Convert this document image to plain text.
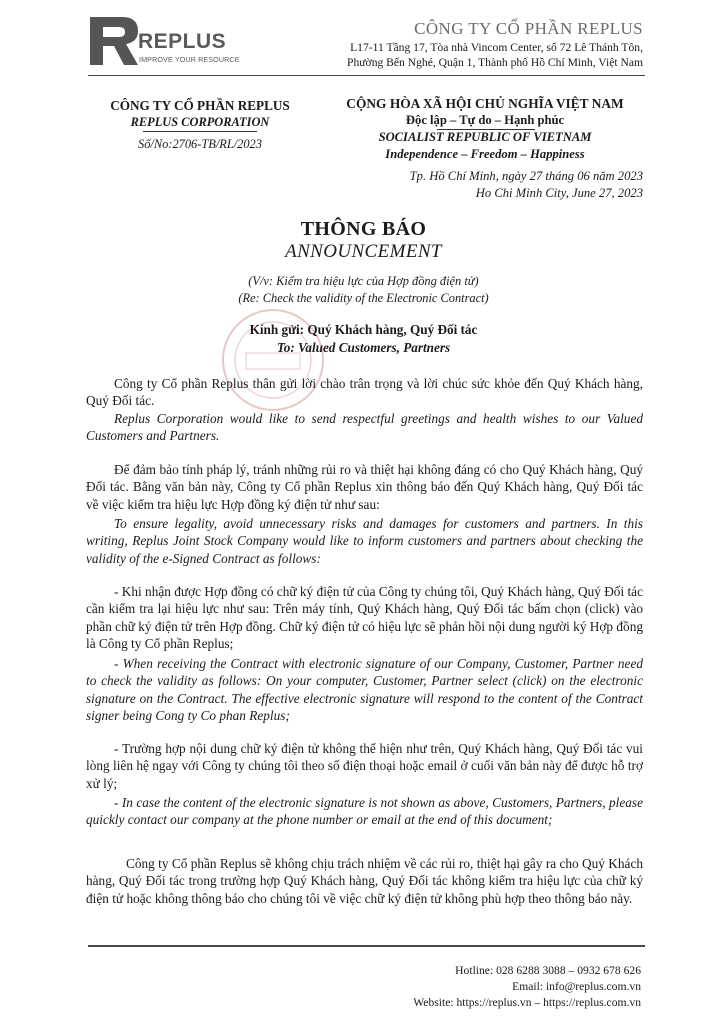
REPLUS
IMPROVE YOUR RESOURCE
CÔNG TY CỔ PHẦN REPLUS
L17-11 Tầng 17, Tòa nhà Vincom Center, số 72 Lê Thánh Tôn,
Phường Bến Nghé, Quận 1, Thành phố Hồ Chí Minh, Việt Nam
CÔNG TY CỔ PHẦN REPLUS
REPLUS CORPORATION
Số/No:2706-TB/RL/2023
CỘNG HÒA XÃ HỘI CHỦ NGHĨA VIỆT NAM
Độc lập – Tự do – Hạnh phúc
SOCIALIST REPUBLIC OF VIETNAM
Independence – Freedom – Happiness
Tp. Hồ Chí Minh, ngày 27 tháng 06 năm 2023
Ho Chi Minh City, June 27, 2023
THÔNG BÁO
ANNOUNCEMENT
(V/v: Kiểm tra hiệu lực của Hợp đồng điện tử)
(Re: Check the validity of the Electronic Contract)
Kính gửi: Quý Khách hàng, Quý Đối tác
To: Valued Customers, Partners
Công ty Cổ phần Replus thân gửi lời chào trân trọng và lời chúc sức khỏe đến Quý Khách hàng, Quý Đối tác.
Replus Corporation would like to send respectful greetings and health wishes to our Valued Customers and Partners.
Để đảm bảo tính pháp lý, tránh những rủi ro và thiệt hại không đáng có cho Quý Khách hàng, Quý Đối tác. Bằng văn bản này, Công ty Cổ phần Replus xin thông báo đến Quý Khách hàng, Quý Đối tác về việc kiểm tra hiệu lực Hợp đồng ký điện tử như sau:
To ensure legality, avoid unnecessary risks and damages for customers and partners. In this writing, Replus Joint Stock Company would like to inform customers and partners about checking the validity of the e-Signed Contract as follows:
- Khi nhận được Hợp đồng có chữ ký điện tử của Công ty chúng tôi, Quý Khách hàng, Quý Đối tác cần kiểm tra lại hiệu lực như sau: Trên máy tính, Quý Khách hàng, Quý Đối tác bấm chọn (click) vào phần chữ ký điện tử trên Hợp đồng. Chữ ký điện tử có hiệu lực sẽ phản hồi nội dung người ký Hợp đồng là Công ty Cổ phần Replus;
- When receiving the Contract with electronic signature of our Company, Customer, Partner need to check the validity as follows: On your computer, Customer, Partner select (click) on the electronic signature on the Contract. The effective electronic signature will respond to the content of the Contract signer being Cong ty Co phan Replus;
- Trường hợp nội dung chữ ký điện tử không thể hiện như trên, Quý Khách hàng, Quý Đối tác vui lòng liên hệ ngay với Công ty chúng tôi theo số điện thoại hoặc email ở cuối văn bản này để được hỗ trợ xử lý;
- In case the content of the electronic signature is not shown as above, Customers, Partners, please quickly contact our company at the phone number or email at the end of this document;
Công ty Cổ phần Replus sẽ không chịu trách nhiệm về các rủi ro, thiệt hại gây ra cho Quý Khách hàng, Quý Đối tác trong trường hợp Quý Khách hàng, Quý Đối tác không kiểm tra hiệu lực của chữ ký điện tử hoặc không thông báo cho chúng tôi về việc chữ ký điện tử không phù hợp theo thông báo này.
Hotline: 028 6288 3088 – 0932 678 626
Email: info@replus.com.vn
Website: https://replus.vn – https://replus.com.vn
